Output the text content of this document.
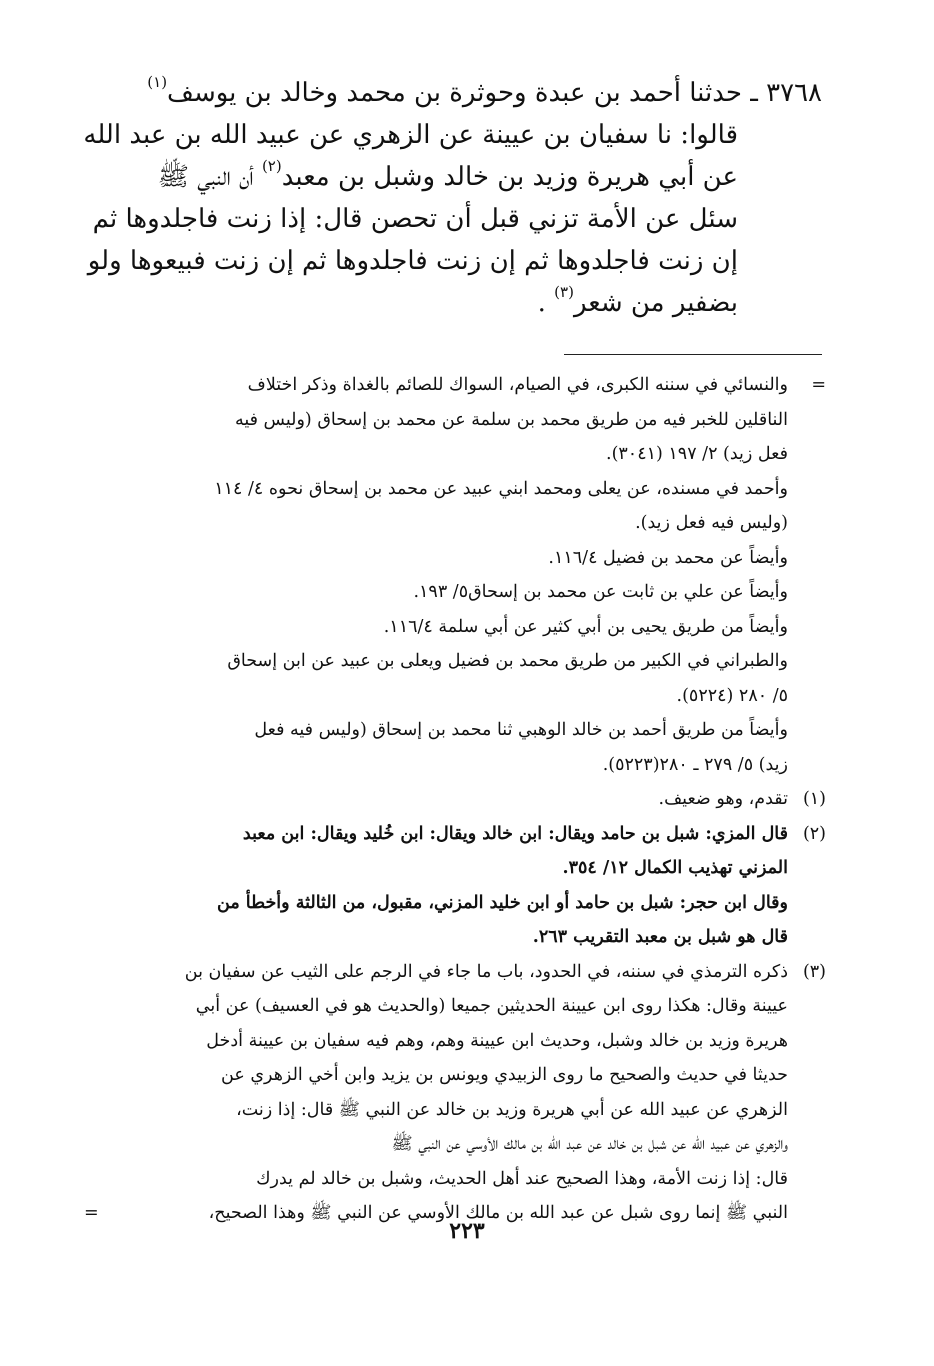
٣٧٦٨ ـ حدثنا أحمد بن عبدة وحوثرة بن محمد وخالد بن يوسف$^{(١)}$
قالوا: نا سفيان بن عيينة عن الزهري عن عبيد الله بن عبد الله
عن أبي هريرة وزيد بن خالد وشبل بن معبد$^{(٢)}$ أن النبي ﷺ
سئل عن الأمة تزني قبل أن تحصن قال: إذا زنت فاجلدوها ثم
إن زنت فاجلدوها ثم إن زنت فاجلدوها ثم إن زنت فبيعوها ولو
بضفير من شعر$^{(٣)}$ .
=
والنسائي في سننه الكبرى، في الصيام، السواك للصائم بالغداة وذكر اختلاف
الناقلين للخبر فيه من طريق محمد بن سلمة عن محمد بن إسحاق (وليس فيه
فعل زيد) ٢/ ١٩٧ (٣٠٤١).
وأحمد في مسنده، عن يعلى ومحمد ابني عبيد عن محمد بن إسحاق نحوه ٤/ ١١٤
(وليس فيه فعل زيد).
وأيضاً عن محمد بن فضيل ١١٦/٤.
وأيضاً عن علي بن ثابت عن محمد بن إسحاق٥/ ١٩٣.
وأيضاً من طريق يحيى بن أبي كثير عن أبي سلمة ١١٦/٤.
والطبراني في الكبير من طريق محمد بن فضيل ويعلى بن عبيد عن ابن إسحاق
٥/ ٢٨٠ (٥٢٢٤).
وأيضاً من طريق أحمد بن خالد الوهبي ثنا محمد بن إسحاق (وليس فيه فعل
زيد) ٥/ ٢٧٩ ـ ٢٨٠(٥٢٢٣).
(١)
تقدم، وهو ضعيف.
(٢)
قال المزي: شبل بن حامد ويقال: ابن خالد ويقال: ابن خُليد ويقال: ابن معبد
المزني تهذيب الكمال ١٢/ ٣٥٤.
وقال ابن حجر: شبل بن حامد أو ابن خليد المزني، مقبول، من الثالثة وأخطأ من
قال هو شبل بن معبد التقريب ٢٦٣.
(٣)
ذكره الترمذي في سننه، في الحدود، باب ما جاء في الرجم على الثيب عن سفيان بن
عيينة وقال: هكذا روى ابن عيينة الحديثين جميعا (والحديث هو في العسيف) عن أبي
هريرة وزيد بن خالد وشبل، وحديث ابن عيينة وهم، وهم فيه سفيان بن عيينة أدخل
حديثا في حديث والصحيح ما روى الزبيدي ويونس بن يزيد وابن أخي الزهري عن
الزهري عن عبيد الله عن أبي هريرة وزيد بن خالد عن النبي ﷺ قال: إذا زنت،
والزهري عن عبيد الله عن شبل بن خالد عن عبد الله بن مالك الأوسي عن النبي ﷺ
قال: إذا زنت الأمة، وهذا الصحيح عند أهل الحديث، وشبل بن خالد لم يدرك
النبي ﷺ إنما روى شبل عن عبد الله بن مالك الأوسي عن النبي ﷺ وهذا الصحيح،
=
٢٢٣
